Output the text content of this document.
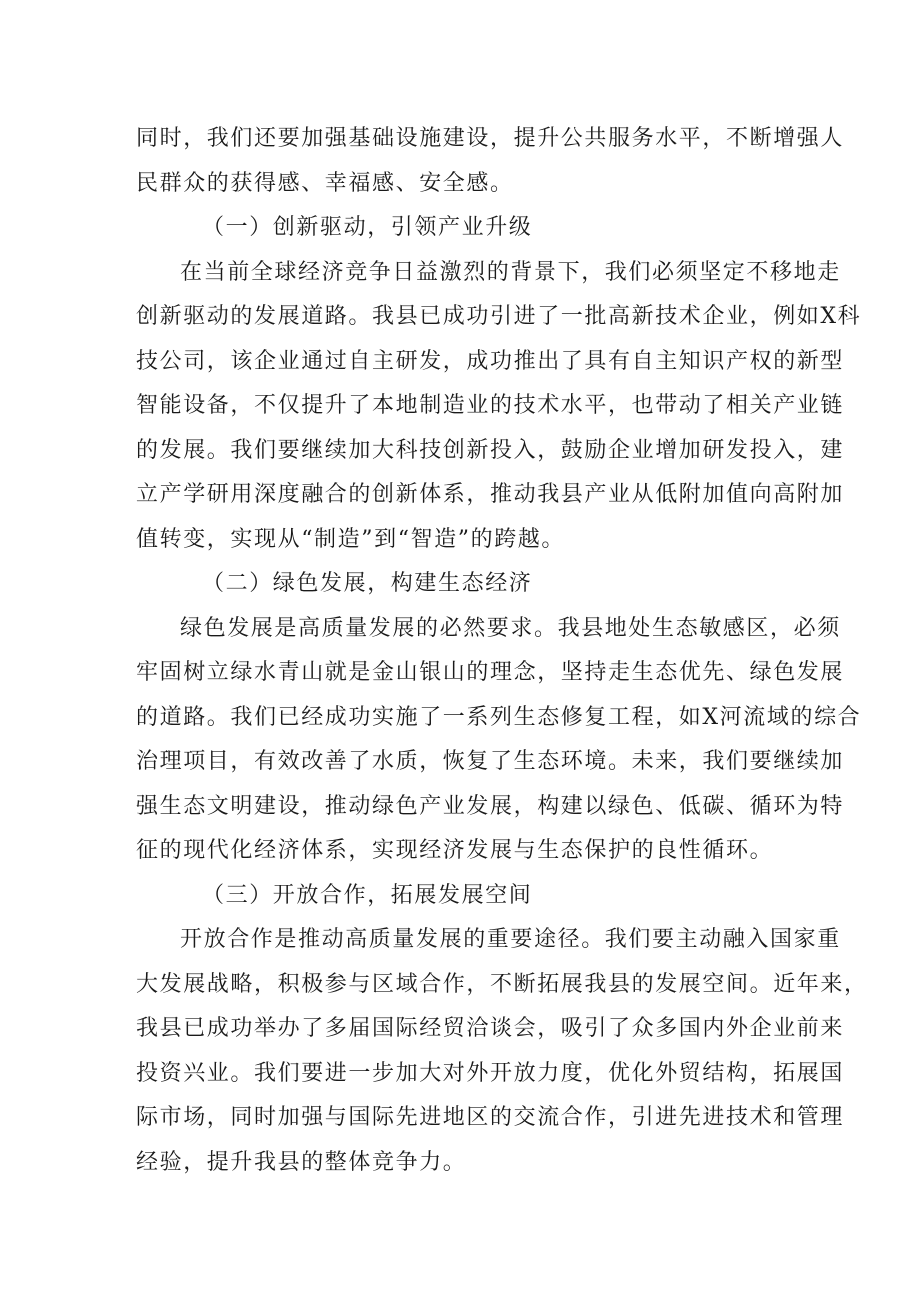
同时，我们还要加强基础设施建设，提升公共服务水平，不断增强人
民群众的获得感、幸福感、安全感。
（一）创新驱动，引领产业升级
在当前全球经济竞争日益激烈的背景下，我们必须坚定不移地走
创新驱动的发展道路。我县已成功引进了一批高新技术企业，例如X科
技公司，该企业通过自主研发，成功推出了具有自主知识产权的新型
智能设备，不仅提升了本地制造业的技术水平，也带动了相关产业链
的发展。我们要继续加大科技创新投入，鼓励企业增加研发投入，建
立产学研用深度融合的创新体系，推动我县产业从低附加值向高附加
值转变，实现从“制造”到“智造”的跨越。
（二）绿色发展，构建生态经济
绿色发展是高质量发展的必然要求。我县地处生态敏感区，必须
牢固树立绿水青山就是金山银山的理念，坚持走生态优先、绿色发展
的道路。我们已经成功实施了一系列生态修复工程，如X河流域的综合
治理项目，有效改善了水质，恢复了生态环境。未来，我们要继续加
强生态文明建设，推动绿色产业发展，构建以绿色、低碳、循环为特
征的现代化经济体系，实现经济发展与生态保护的良性循环。
（三）开放合作，拓展发展空间
开放合作是推动高质量发展的重要途径。我们要主动融入国家重
大发展战略，积极参与区域合作，不断拓展我县的发展空间。近年来，
我县已成功举办了多届国际经贸洽谈会，吸引了众多国内外企业前来
投资兴业。我们要进一步加大对外开放力度，优化外贸结构，拓展国
际市场，同时加强与国际先进地区的交流合作，引进先进技术和管理
经验，提升我县的整体竞争力。
